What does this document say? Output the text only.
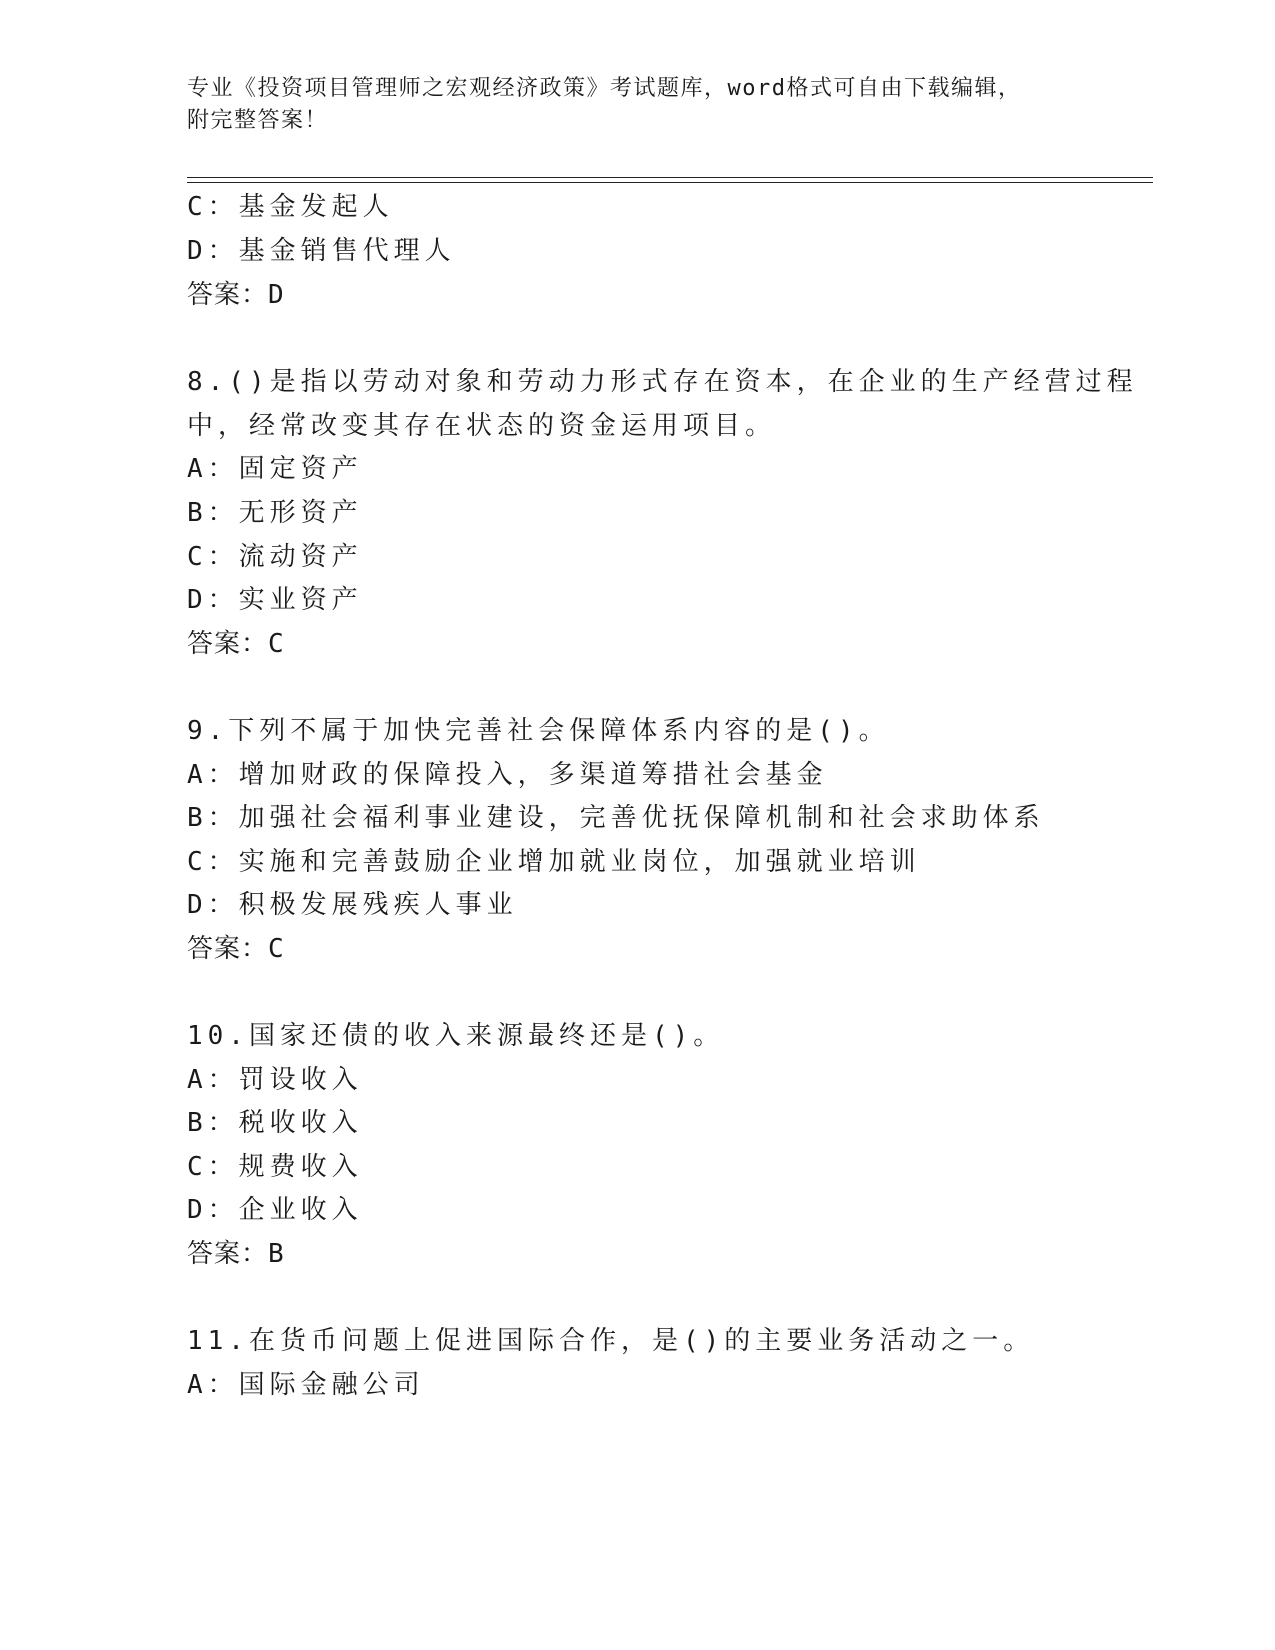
专业《投资项目管理师之宏观经济政策》考试题库，word格式可自由下载编辑，
附完整答案！
C：基金发起人
D：基金销售代理人
答案：D
8.()是指以劳动对象和劳动力形式存在资本，在企业的生产经营过程
中，经常改变其存在状态的资金运用项目。
A：固定资产
B：无形资产
C：流动资产
D：实业资产
答案：C
9.下列不属于加快完善社会保障体系内容的是()。
A：增加财政的保障投入，多渠道筹措社会基金
B：加强社会福利事业建设，完善优抚保障机制和社会求助体系
C：实施和完善鼓励企业增加就业岗位，加强就业培训
D：积极发展残疾人事业
答案：C
10.国家还债的收入来源最终还是()。
A：罚设收入
B：税收收入
C：规费收入
D：企业收入
答案：B
11.在货币问题上促进国际合作，是()的主要业务活动之一。
A：国际金融公司
